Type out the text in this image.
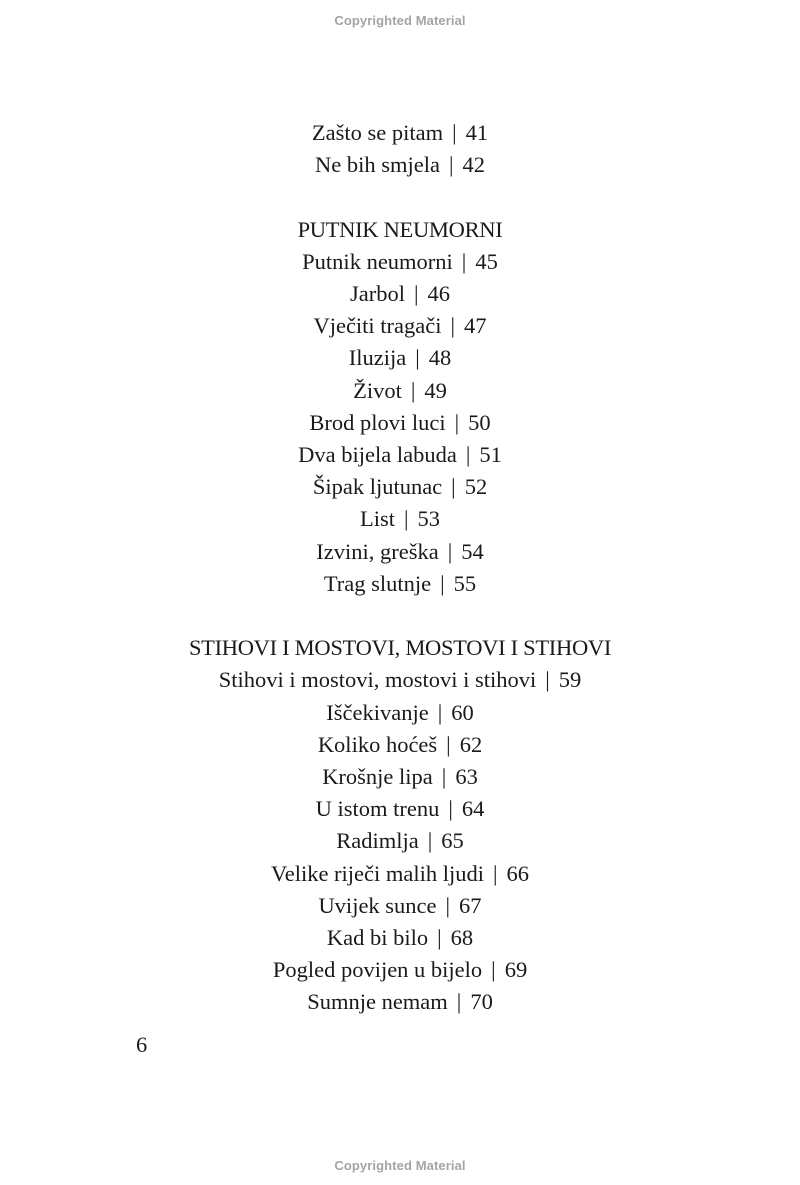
Copyrighted Material
Zašto se pitam | 41
Ne bih smjela | 42
PUTNIK NEUMORNI
Putnik neumorni | 45
Jarbol | 46
Vječiti tragači | 47
Iluzija | 48
Život | 49
Brod plovi luci | 50
Dva bijela labuda | 51
Šipak ljutunac | 52
List | 53
Izvini, greška | 54
Trag slutnje | 55
STIHOVI I MOSTOVI, MOSTOVI I STIHOVI
Stihovi i mostovi, mostovi i stihovi | 59
Iščekivanje | 60
Koliko hoćeš | 62
Krošnje lipa | 63
U istom trenu | 64
Radimlja | 65
Velike riječi malih ljudi | 66
Uvijek sunce | 67
Kad bi bilo | 68
Pogled povijen u bijelo | 69
Sumnje nemam | 70
6
Copyrighted Material
